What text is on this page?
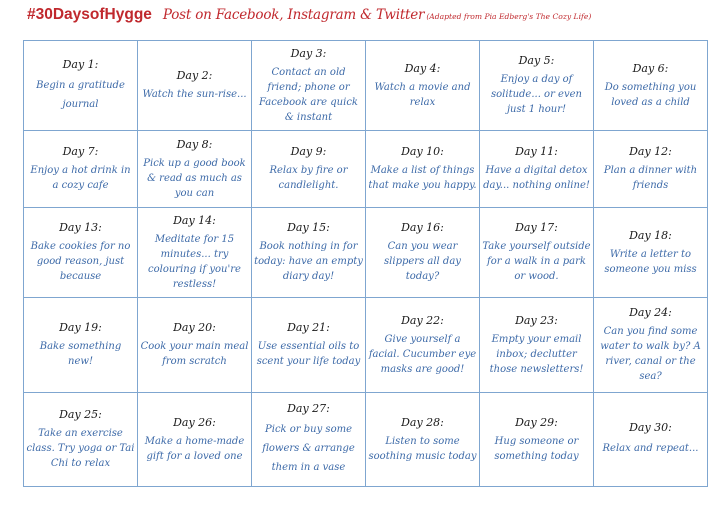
#30DaysofHygge Post on Facebook, Instagram & Twitter (Adapted from Pia Edberg's The Cozy Life)
Day 1:
Begin a gratitude journal	Day 2:
Watch the sun-rise...	Day 3:
Contact an old friend; phone or Facebook are quick & instant	Day 4:
Watch a movie and relax	Day 5:
Enjoy a day of solitude... or even just 1 hour!	Day 6:
Do something you loved as a child

Day 7:
Enjoy a hot drink in a cozy cafe	Day 8:
Pick up a good book & read as much as you can	Day 9:
Relax by fire or candlelight.	Day 10:
Make a list of things that make you happy.	Day 11:
Have a digital detox day... nothing online!	Day 12:
Plan a dinner with friends

Day 13:
Bake cookies for no good reason, just because	Day 14:
Meditate for 15 minutes... try colouring if you're restless!	Day 15:
Book nothing in for today: have an empty diary day!	Day 16:
Can you wear slippers all day today?	Day 17:
Take yourself outside for a walk in a park or wood.	Day 18:
Write a letter to someone you miss

Day 19:
Bake something new!	Day 20:
Cook your main meal from scratch	Day 21:
Use essential oils to scent your life today	Day 22:
Give yourself a facial. Cucumber eye masks are good!	Day 23:
Empty your email inbox; declutter those newsletters!	Day 24:
Can you find some water to walk by? A river, canal or the sea?

Day 25:
Take an exercise class. Try yoga or Tai Chi to relax	Day 26:
Make a home-made gift for a loved one	Day 27:
Pick or buy some flowers & arrange them in a vase	Day 28:
Listen to some soothing music today	Day 29:
Hug someone or something today	Day 30:
Relax and repeat...
